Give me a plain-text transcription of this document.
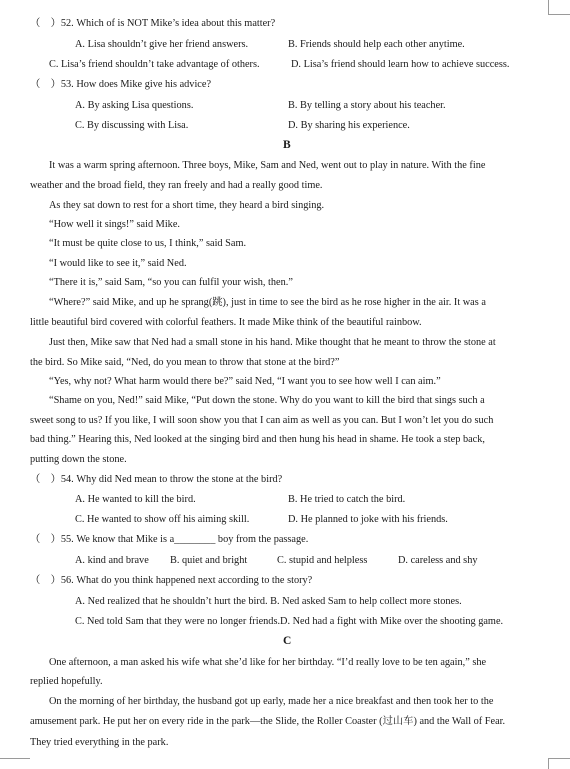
（　）52. Which of is NOT Mike’s idea about this matter?
A. Lisa shouldn’t give her friend answers.	B. Friends should help each other anytime.
C. Lisa’s friend shouldn’t take advantage of others.	D. Lisa’s friend should learn how to achieve success.
（　）53. How does Mike give his advice?
A. By asking Lisa questions.	B. By telling a story about his teacher.
C. By discussing with Lisa.	D. By sharing his experience.
B
It was a warm spring afternoon. Three boys, Mike, Sam and Ned, went out to play in nature. With the fine
weather and the broad field, they ran freely and had a really good time.
As they sat down to rest for a short time, they heard a bird singing.
“How well it sings!” said Mike.
“It must be quite close to us, I think,” said Sam.
“I would like to see it,” said Ned.
“There it is,” said Sam, “so you can fulfil your wish, then.”
“Where?” said Mike, and up he sprang(跳), just in time to see the bird as he rose higher in the air. It was a
little beautiful bird covered with colorful feathers. It made Mike think of the beautiful rainbow.
Just then, Mike saw that Ned had a small stone in his hand. Mike thought that he meant to throw the stone at
the bird. So Mike said, “Ned, do you mean to throw that stone at the bird?”
“Yes, why not? What harm would there be?” said Ned, “I want you to see how well I can aim.”
“Shame on you, Ned!” said Mike, “Put down the stone. Why do you want to kill the bird that sings such a
sweet song to us? If you like, I will soon show you that I can aim as well as you can. But I won’t let you do such
bad thing.” Hearing this, Ned looked at the singing bird and then hung his head in shame. He took a step back,
putting down the stone.
（　）54. Why did Ned mean to throw the stone at the bird?
A. He wanted to kill the bird.	B. He tried to catch the bird.
C. He wanted to show off his aiming skill.	D. He planned to joke with his friends.
（　）55. We know that Mike is a________ boy from the passage.
A. kind and brave B. quiet and bright	C. stupid and helpless	D. careless and shy
（　）56. What do you think happened next according to the story?
A. Ned realized that he shouldn’t hurt the bird. B. Ned asked Sam to help collect more stones.
C. Ned told Sam that they were no longer friends.D. Ned had a fight with Mike over the shooting game.
C
One afternoon, a man asked his wife what she’d like for her birthday. “I’d really love to be ten again,” she
replied hopefully.
On the morning of her birthday, the husband got up early, made her a nice breakfast and then took her to the
amusement park. He put her on every ride in the park—the Slide, the Roller Coaster (过山车) and the Wall of Fear.
They tried everything in the park.
